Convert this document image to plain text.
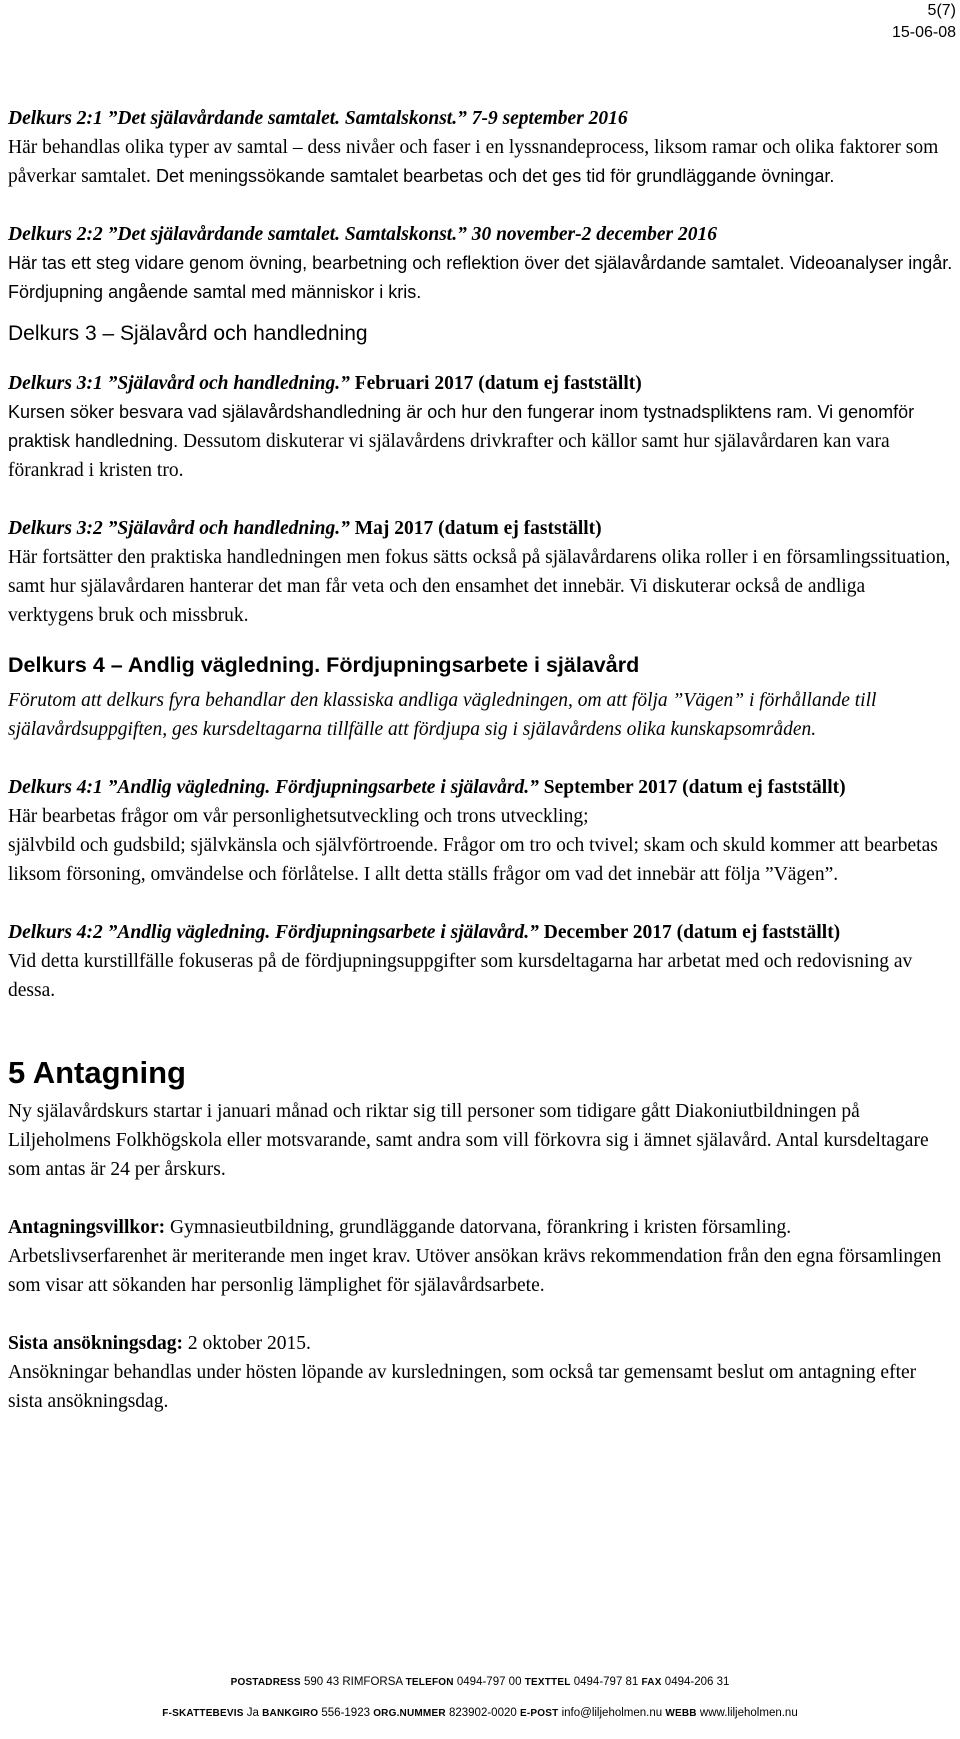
5(7)
15-06-08

Delkurs 2:1 ”Det själavårdande samtalet. Samtalskonst.” 7-9 september 2016

Här behandlas olika typer av samtal – dess nivåer och faser i en lyssnandeprocess, liksom ramar och olika faktorer som påverkar samtalet. Det meningssökande samtalet bearbetas och det ges tid för grundläggande övningar.

Delkurs 2:2 ”Det själavårdande samtalet. Samtalskonst.” 30 november-2 december 2016

Här tas ett steg vidare genom övning, bearbetning och reflektion över det själavårdande samtalet. Videoanalyser ingår. Fördjupning angående samtal med människor i kris.

Delkurs 3 – Själavård och handledning

Delkurs 3:1 ”Själavård och handledning.” Februari 2017 (datum ej fastställt)

Kursen söker besvara vad själavårdshandledning är och hur den fungerar inom tystnadspliktens ram. Vi genomför praktisk handledning. Dessutom diskuterar vi själavårdens drivkrafter och källor samt hur själavårdaren kan vara förankrad i kristen tro.

Delkurs 3:2 ”Själavård och handledning.” Maj 2017 (datum ej fastställt)

Här fortsätter den praktiska handledningen men fokus sätts också på själavårdarens olika roller i en församlingssituation, samt hur själavårdaren hanterar det man får veta och den ensamhet det innebär. Vi diskuterar också de andliga verktygens bruk och missbruk.

Delkurs 4 – Andlig vägledning. Fördjupningsarbete i själavård

Förutom att delkurs fyra behandlar den klassiska andliga vägledningen, om att följa ”Vägen” i förhållande till själavårdsuppgiften, ges kursdeltagarna tillfälle att fördjupa sig i själavårdens olika kunskapsområden.

Delkurs 4:1 ”Andlig vägledning. Fördjupningsarbete i själavård.” September 2017 (datum ej fastställt)

Här bearbetas frågor om vår personlighetsutveckling och trons utveckling;

självbild och gudsbild; självkänsla och självförtroende. Frågor om tro och tvivel; skam och skuld kommer att bearbetas liksom försoning, omvändelse och förlåtelse. I allt detta ställs frågor om vad det innebär att följa ”Vägen”.

Delkurs 4:2 ”Andlig vägledning. Fördjupningsarbete i själavård.” December 2017 (datum ej fastställt)

Vid detta kurstillfälle fokuseras på de fördjupningsuppgifter som kursdeltagarna har arbetat med och redovisning av dessa.

5 Antagning

Ny själavårdskurs startar i januari månad och riktar sig till personer som tidigare gått Diakoniutbildningen på Liljeholmens Folkhögskola eller motsvarande, samt andra som vill förkovra sig i ämnet själavård. Antal kursdeltagare som antas är 24 per årskurs.

Antagningsvillkor: Gymnasieutbildning, grundläggande datorvana, förankring i kristen församling. Arbetslivserfarenhet är meriterande men inget krav. Utöver ansökan krävs rekommendation från den egna församlingen som visar att sökanden har personlig lämplighet för själavårdsarbete.

Sista ansökningsdag: 2 oktober 2015.

Ansökningar behandlas under hösten löpande av kursledningen, som också tar gemensamt beslut om antagning efter sista ansökningsdag.

POSTADRESS 590 43 RIMFORSA TELEFON 0494-797 00 TEXTTEL 0494-797 81 FAX 0494-206 31
F-SKATTEBEVIS Ja BANKGIRO 556-1923 ORG.NUMMER 823902-0020 E-POST info@liljeholmen.nu WEBB www.liljeholmen.nu
